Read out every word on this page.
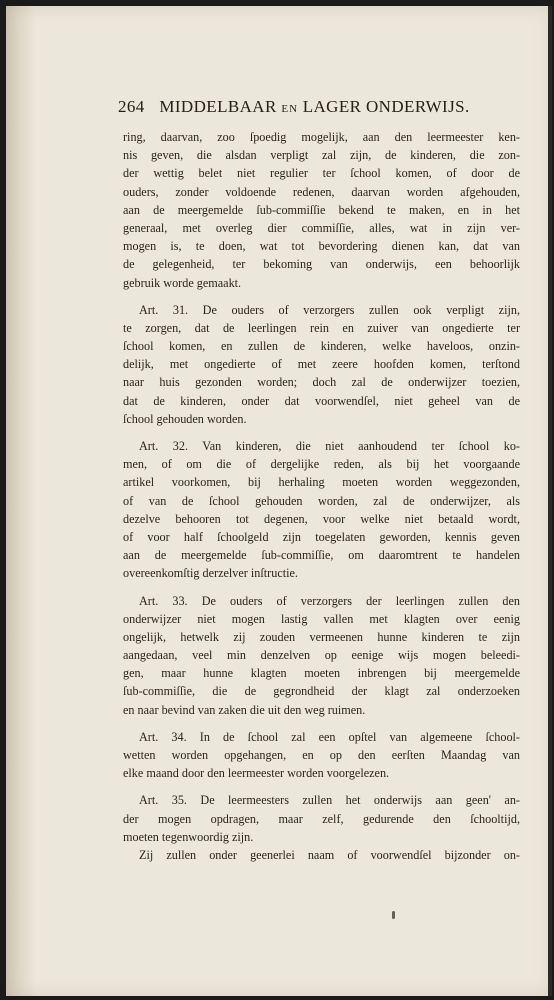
264 MIDDELBAAR EN LAGER ONDERWIJS.
ring, daarvan, zoo ſpoedig mogelijk, aan den leermeester ken-
nis geven, die alsdan verpligt zal zijn, de kinderen, die zon-
der wettig belet niet regulier ter ſchool komen, of door de
ouders, zonder voldoende redenen, daarvan worden afgehouden,
aan de meergemelde ſub-commiſſie bekend te maken, en in het
generaal, met overleg dier commiſſie, alles, wat in zijn ver-
mogen is, te doen, wat tot bevordering dienen kan, dat van
de gelegenheid, ter bekoming van onderwijs, een behoorlijk
gebruik worde gemaakt.
Art. 31. De ouders of verzorgers zullen ook verpligt zijn,
te zorgen, dat de leerlingen rein en zuiver van ongedierte ter
ſchool komen, en zullen de kinderen, welke haveloos, onzin-
delijk, met ongedierte of met zeere hoofden komen, terſtond
naar huis gezonden worden; doch zal de onderwijzer toezien,
dat de kinderen, onder dat voorwendſel, niet geheel van de
ſchool gehouden worden.
Art. 32. Van kinderen, die niet aanhoudend ter ſchool ko-
men, of om die of dergelijke reden, als bij het voorgaande
artikel voorkomen, bij herhaling moeten worden weggezonden,
of van de ſchool gehouden worden, zal de onderwijzer, als
dezelve behooren tot degenen, voor welke niet betaald wordt,
of voor half ſchoolgeld zijn toegelaten geworden, kennis geven
aan de meergemelde ſub-commiſſie, om daaromtrent te handelen
overeenkomſtig derzelver inſtructie.
Art. 33. De ouders of verzorgers der leerlingen zullen den
onderwijzer niet mogen lastig vallen met klagten over eenig
ongelijk, hetwelk zij zouden vermeenen hunne kinderen te zijn
aangedaan, veel min denzelven op eenige wijs mogen beleedi-
gen, maar hunne klagten moeten inbrengen bij meergemelde
ſub-commiſſie, die de gegrondheid der klagt zal onderzoeken
en naar bevind van zaken die uit den weg ruimen.
Art. 34. In de ſchool zal een opſtel van algemeene ſchool-
wetten worden opgehangen, en op den eerſten Maandag van
elke maand door den leermeester worden voorgelezen.
Art. 35. De leermeesters zullen het onderwijs aan geen' an-
der mogen opdragen, maar zelf, gedurende den ſchooltijd,
moeten tegenwoordig zijn.
Zij zullen onder geenerlei naam of voorwendſel bijzonder on-
